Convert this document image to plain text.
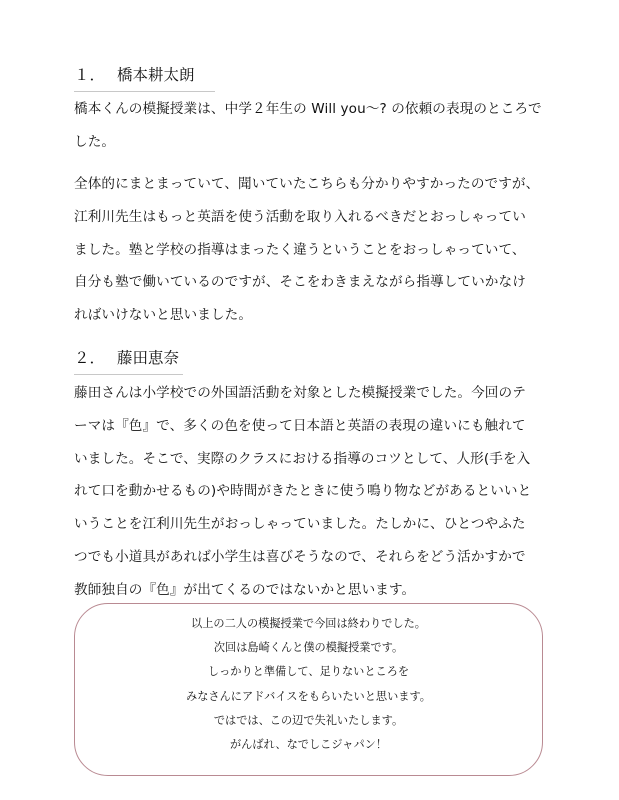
１． 橋本耕太朗
橋本くんの模擬授業は、中学２年生の Will you～? の依頼の表現のところで
した。
全体的にまとまっていて、聞いていたこちらも分かりやすかったのですが、
江利川先生はもっと英語を使う活動を取り入れるべきだとおっしゃってい
ました。塾と学校の指導はまったく違うということをおっしゃっていて、
自分も塾で働いているのですが、そこをわきまえながら指導していかなけ
ればいけないと思いました。
２． 藤田恵奈
藤田さんは小学校での外国語活動を対象とした模擬授業でした。今回のテ
ーマは『色』で、多くの色を使って日本語と英語の表現の違いにも触れて
いました。そこで、実際のクラスにおける指導のコツとして、人形(手を入
れて口を動かせるもの)や時間がきたときに使う鳴り物などがあるといいと
いうことを江利川先生がおっしゃっていました。たしかに、ひとつやふた
つでも小道具があれば小学生は喜びそうなので、それらをどう活かすかで
教師独自の『色』が出てくるのではないかと思います。
以上の二人の模擬授業で今回は終わりでした。
次回は島崎くんと僕の模擬授業です。
しっかりと準備して、足りないところを
みなさんにアドバイスをもらいたいと思います。
ではでは、この辺で失礼いたします。
がんばれ、なでしこジャパン！
